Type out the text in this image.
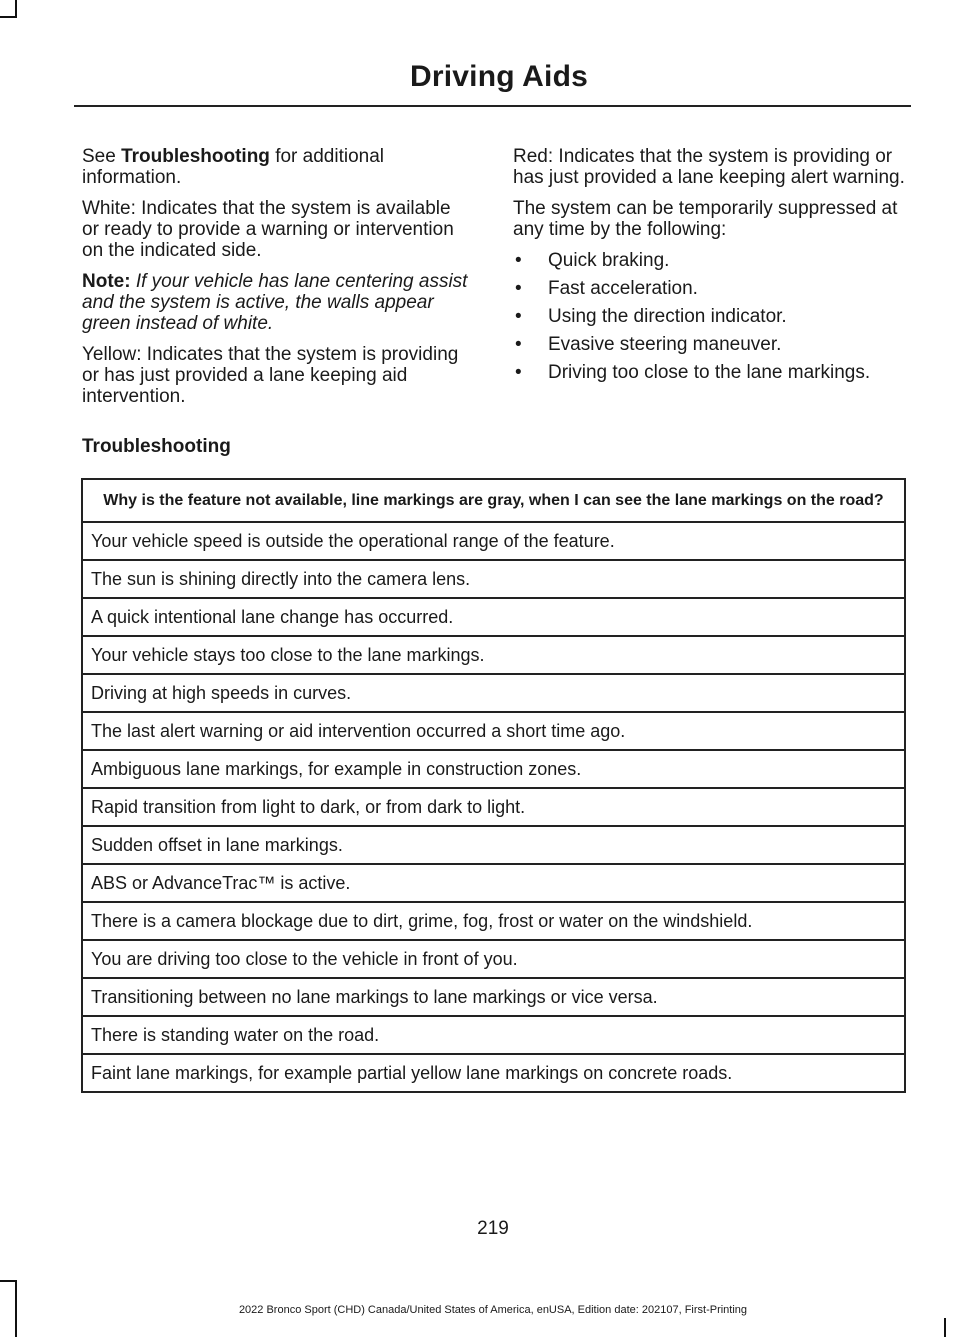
Driving Aids

See Troubleshooting for additional information.

White: Indicates that the system is available or ready to provide a warning or intervention on the indicated side.

Note: If your vehicle has lane centering assist and the system is active, the walls appear green instead of white.

Yellow: Indicates that the system is providing or has just provided a lane keeping aid intervention.

Red: Indicates that the system is providing or has just provided a lane keeping alert warning.

The system can be temporarily suppressed at any time by the following:

• Quick braking.
• Fast acceleration.
• Using the direction indicator.
• Evasive steering maneuver.
• Driving too close to the lane markings.
Troubleshooting
Why is the feature not available, line markings are gray, when I can see the lane markings on the road?
Your vehicle speed is outside the operational range of the feature.
The sun is shining directly into the camera lens.
A quick intentional lane change has occurred.
Your vehicle stays too close to the lane markings.
Driving at high speeds in curves.
The last alert warning or aid intervention occurred a short time ago.
Ambiguous lane markings, for example in construction zones.
Rapid transition from light to dark, or from dark to light.
Sudden offset in lane markings.
ABS or AdvanceTrac™ is active.
There is a camera blockage due to dirt, grime, fog, frost or water on the windshield.
You are driving too close to the vehicle in front of you.
Transitioning between no lane markings to lane markings or vice versa.
There is standing water on the road.
Faint lane markings, for example partial yellow lane markings on concrete roads.
219
2022 Bronco Sport (CHD) Canada/United States of America, enUSA, Edition date: 202107, First-Printing
